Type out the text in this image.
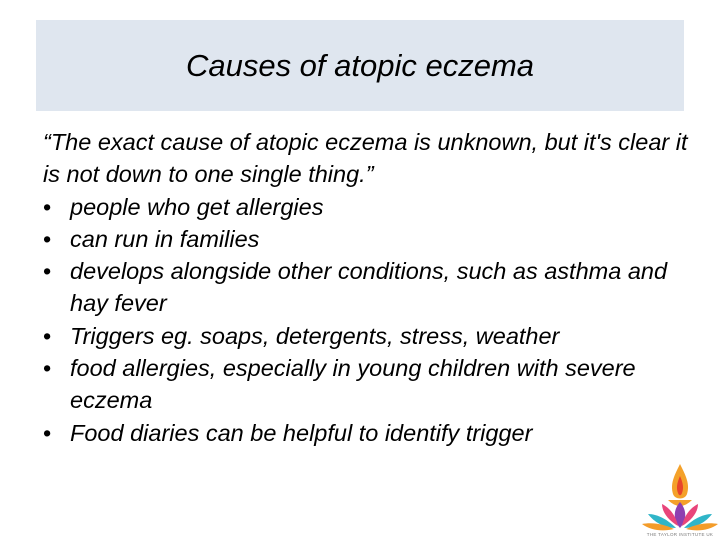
Causes of atopic eczema

“The exact cause of atopic eczema is unknown, but it's clear it is not down to one single thing.”

• people who get allergies
• can run in families
• develops alongside other conditions, such as asthma and hay fever
• Triggers eg. soaps, detergents, stress, weather
• food allergies, especially in young children with severe eczema
• Food diaries can be helpful to identify trigger
THE TAYLOR INSTITUTE UK
